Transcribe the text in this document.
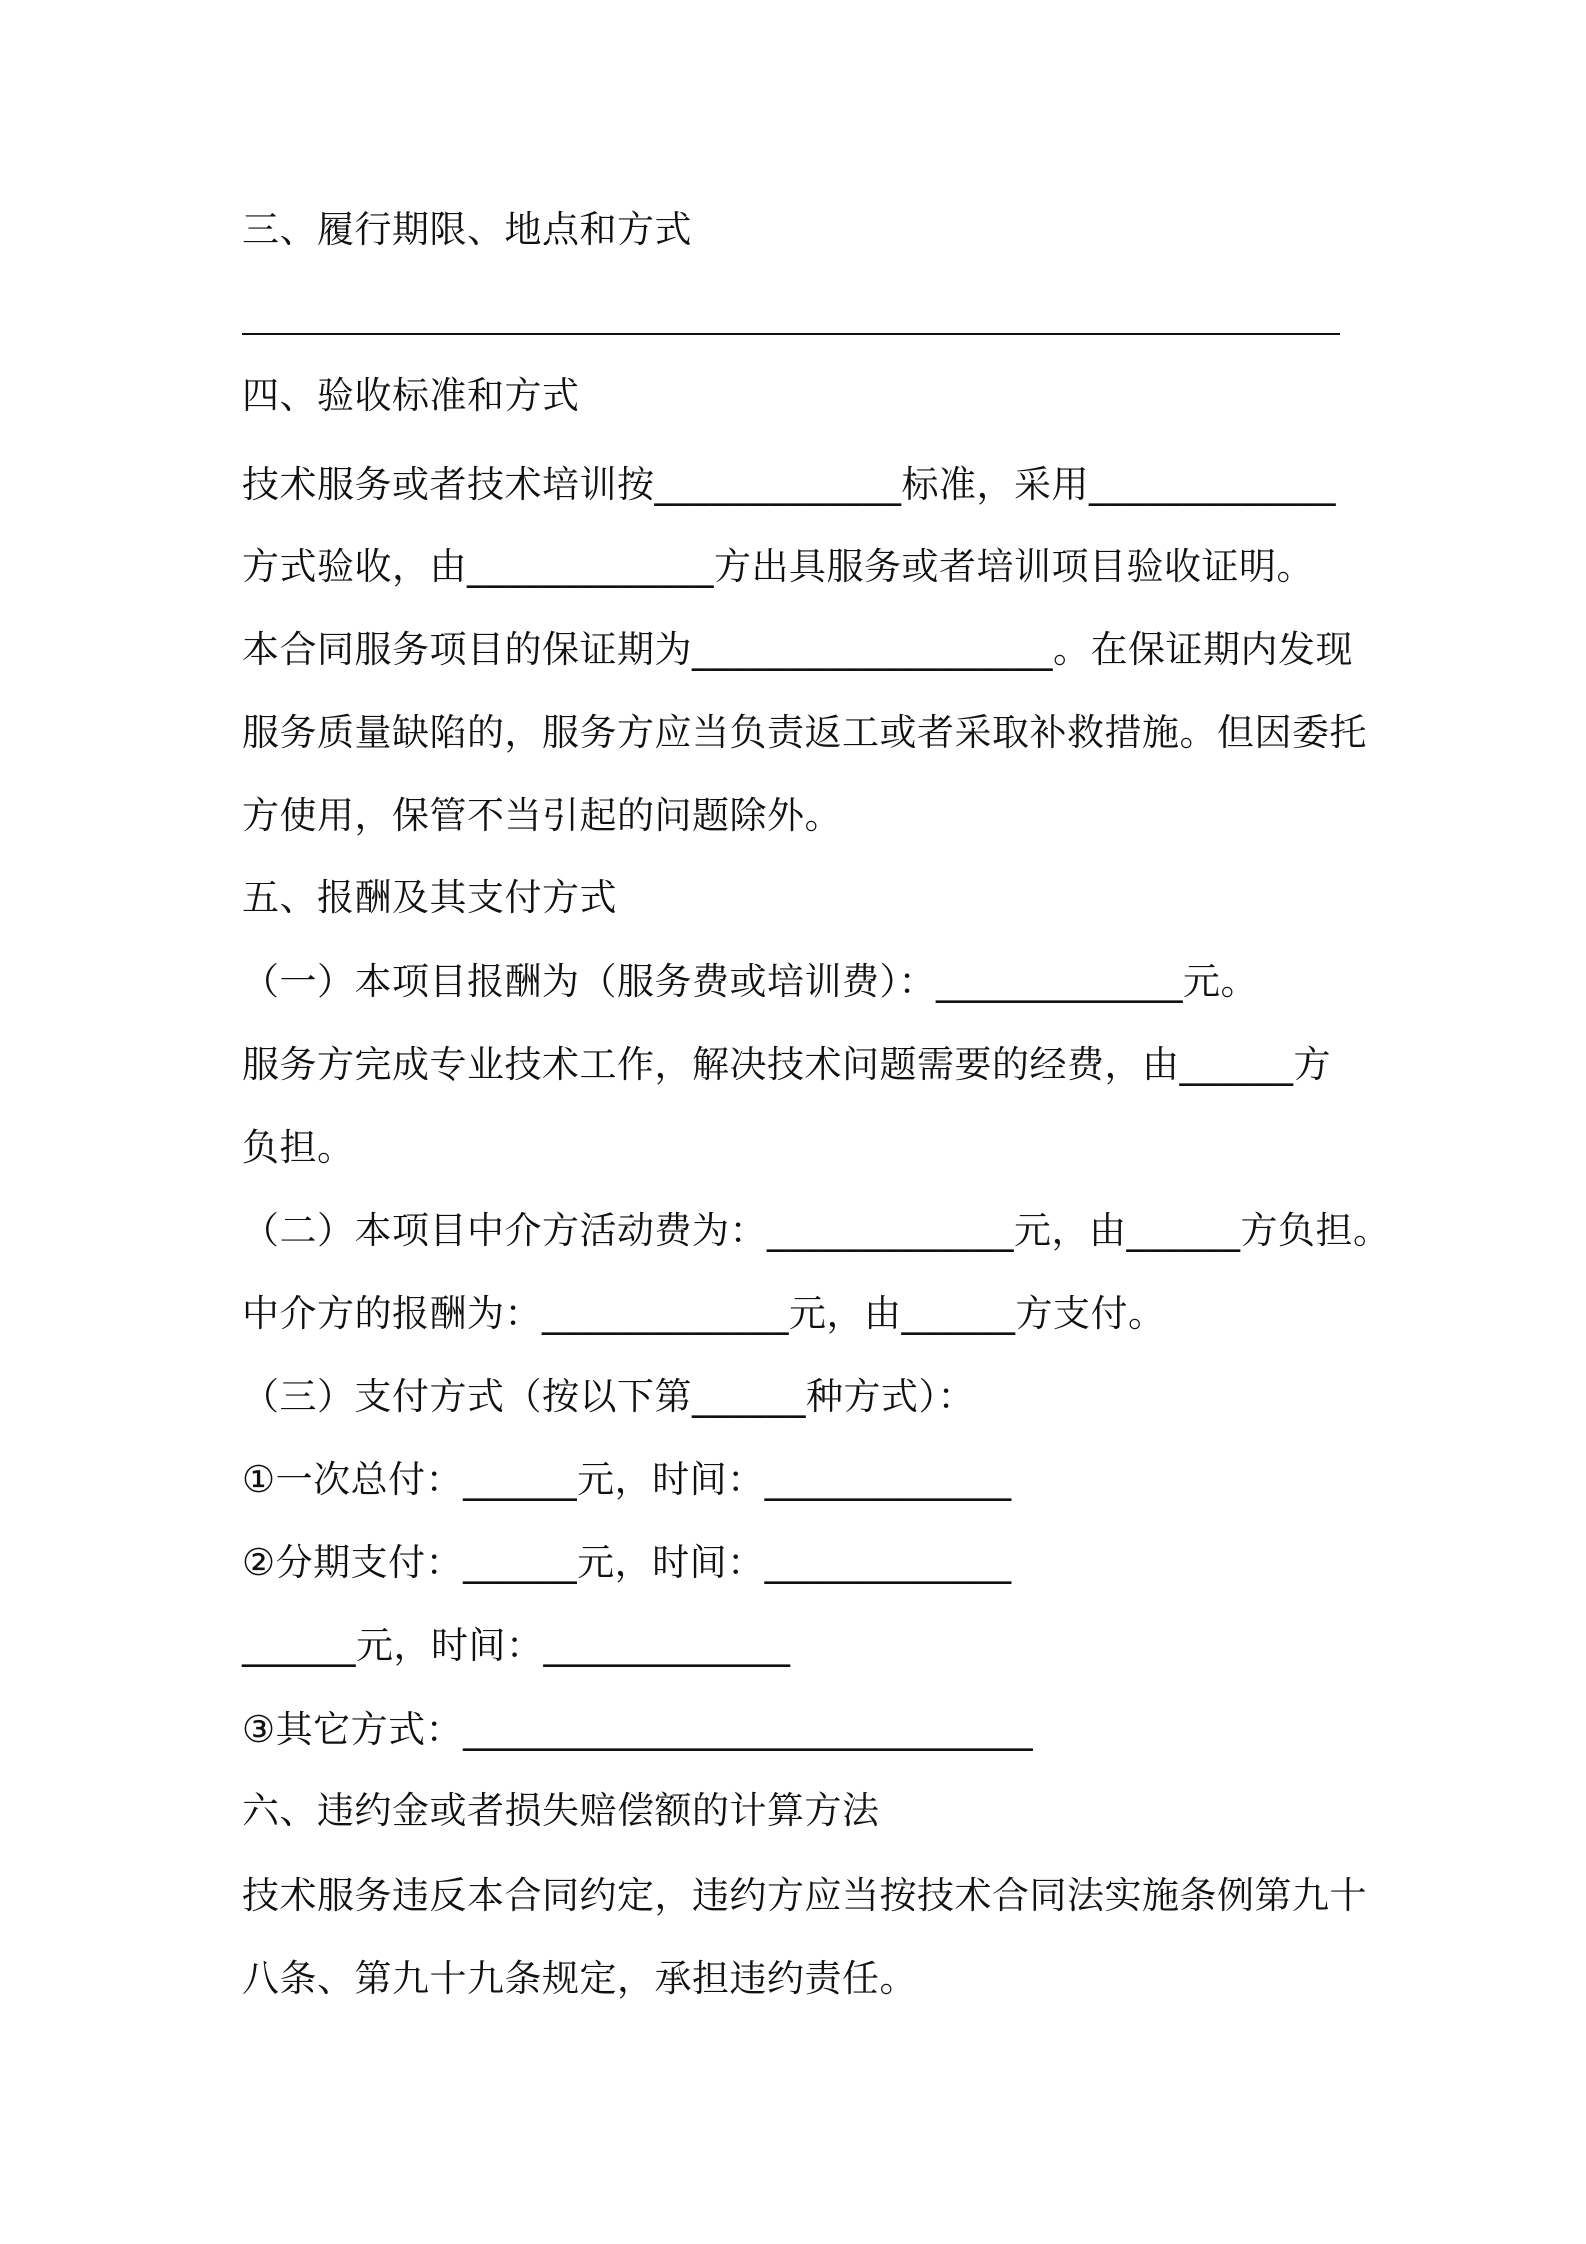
三、履行期限、地点和方式
四、验收标准和方式
技术服务或者技术培训按_____________标准，采用_____________
方式验收，由_____________方出具服务或者培训项目验收证明。
本合同服务项目的保证期为___________________。在保证期内发现
服务质量缺陷的，服务方应当负责返工或者采取补救措施。但因委托
方使用，保管不当引起的问题除外。
五、报酬及其支付方式
（一）本项目报酬为（服务费或培训费）：_____________元。
服务方完成专业技术工作，解决技术问题需要的经费，由______方
负担。
（二）本项目中介方活动费为：_____________元，由______方负担。
中介方的报酬为：_____________元，由______方支付。
（三）支付方式（按以下第______种方式）：
①一次总付：______元，时间：_____________
②分期支付：______元，时间：_____________
______元，时间：_____________
③其它方式：______________________________
六、违约金或者损失赔偿额的计算方法
技术服务违反本合同约定，违约方应当按技术合同法实施条例第九十
八条、第九十九条规定，承担违约责任。
